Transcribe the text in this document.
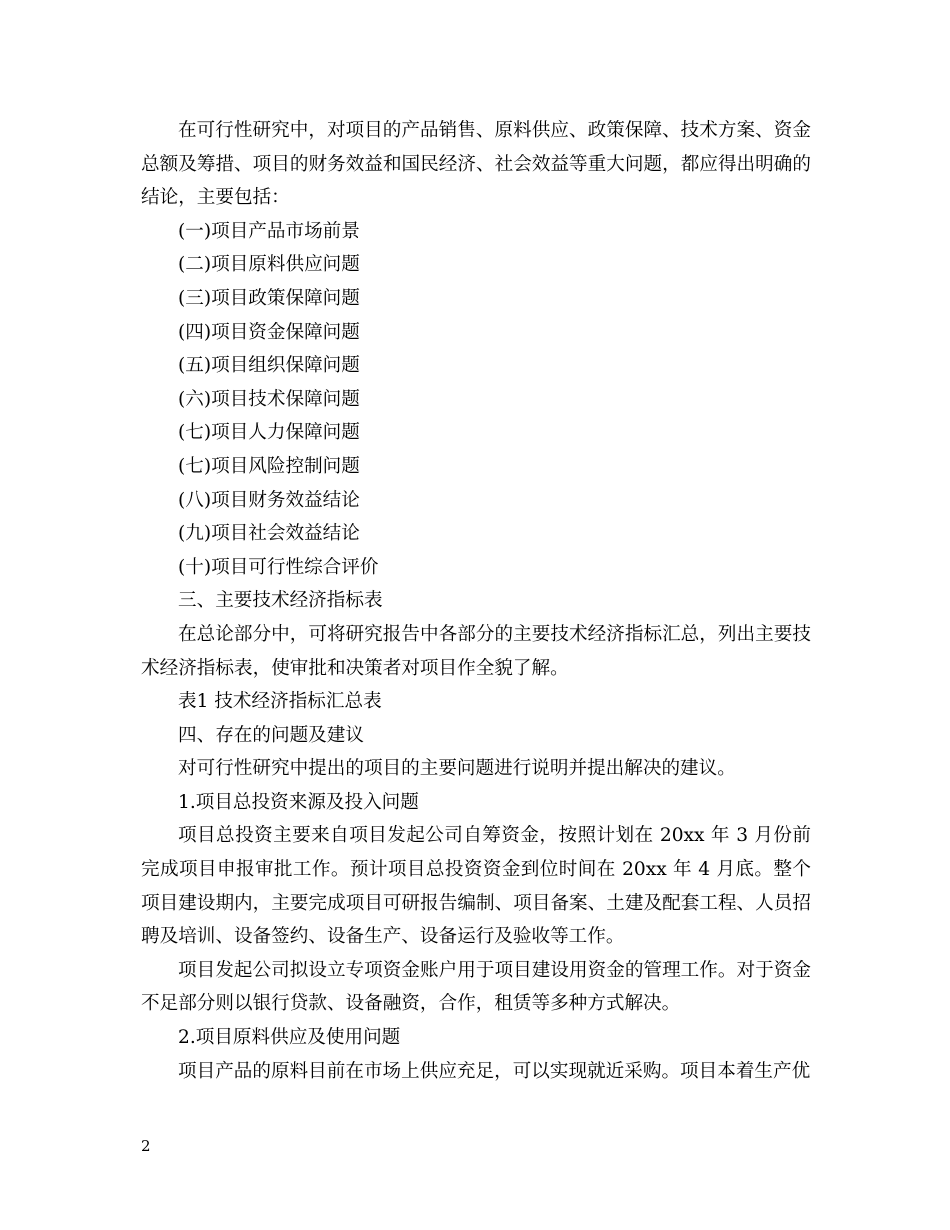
在可行性研究中，对项目的产品销售、原料供应、政策保障、技术方案、资金总额及筹措、项目的财务效益和国民经济、社会效益等重大问题，都应得出明确的结论，主要包括：

(一)项目产品市场前景

(二)项目原料供应问题

(三)项目政策保障问题

(四)项目资金保障问题

(五)项目组织保障问题

(六)项目技术保障问题

(七)项目人力保障问题

(七)项目风险控制问题

(八)项目财务效益结论

(九)项目社会效益结论

(十)项目可行性综合评价

三、主要技术经济指标表

在总论部分中，可将研究报告中各部分的主要技术经济指标汇总，列出主要技术经济指标表，使审批和决策者对项目作全貌了解。

表1 技术经济指标汇总表

四、存在的问题及建议

对可行性研究中提出的项目的主要问题进行说明并提出解决的建议。

1.项目总投资来源及投入问题

项目总投资主要来自项目发起公司自筹资金，按照计划在 20xx 年 3 月份前完成项目申报审批工作。预计项目总投资资金到位时间在 20xx 年 4 月底。整个项目建设期内，主要完成项目可研报告编制、项目备案、土建及配套工程、人员招聘及培训、设备签约、设备生产、设备运行及验收等工作。

项目发起公司拟设立专项资金账户用于项目建设用资金的管理工作。对于资金不足部分则以银行贷款、设备融资，合作，租赁等多种方式解决。

2.项目原料供应及使用问题

项目产品的原料目前在市场上供应充足，可以实现就近采购。项目本着生产优

2
